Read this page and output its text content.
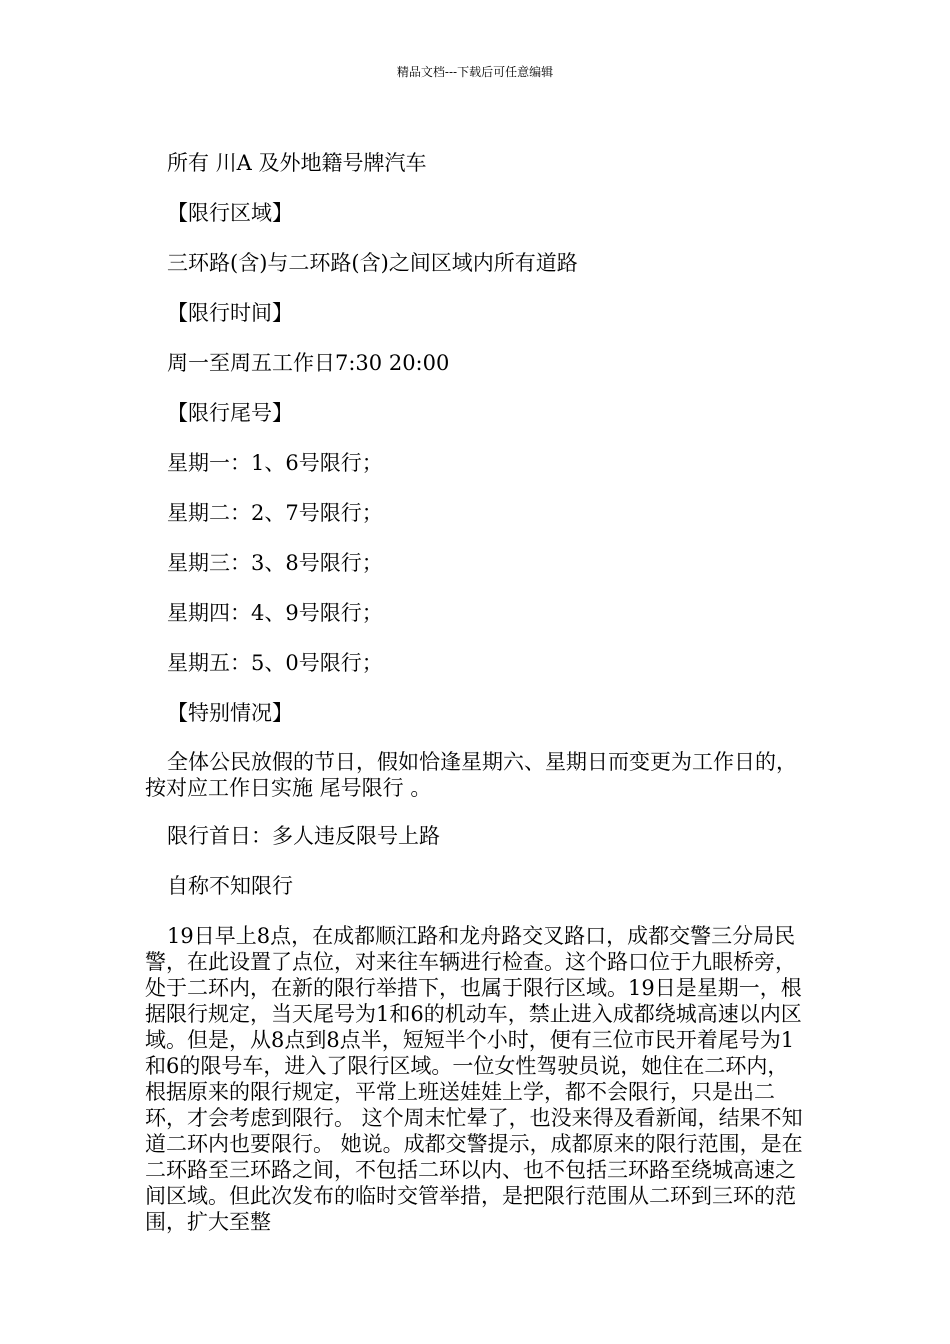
精品文档---下载后可任意编辑

所有 川A 及外地籍号牌汽车

【限行区域】

三环路(含)与二环路(含)之间区域内所有道路

【限行时间】

周一至周五工作日7:30 20:00

【限行尾号】

星期一：1、6号限行；

星期二：2、7号限行；

星期三：3、8号限行；

星期四：4、9号限行；

星期五：5、0号限行；

【特别情况】

全体公民放假的节日，假如恰逢星期六、星期日而变更为工作日的，按对应工作日实施 尾号限行 。

限行首日：多人违反限号上路

自称不知限行

19日早上8点，在成都顺江路和龙舟路交叉路口，成都交警三分局民警，在此设置了点位，对来往车辆进行检查。这个路口位于九眼桥旁，处于二环内，在新的限行举措下，也属于限行区域。19日是星期一，根据限行规定，当天尾号为1和6的机动车，禁止进入成都绕城高速以内区域。但是，从8点到8点半，短短半个小时，便有三位市民开着尾号为1和6的限号车，进入了限行区域。一位女性驾驶员说，她住在二环内，根据原来的限行规定，平常上班送娃娃上学，都不会限行，只是出二环，才会考虑到限行。 这个周末忙晕了，也没来得及看新闻，结果不知道二环内也要限行。 她说。成都交警提示，成都原来的限行范围，是在二环路至三环路之间，不包括二环以内、也不包括三环路至绕城高速之间区域。但此次发布的临时交管举措，是把限行范围从二环到三环的范围，扩大至整
